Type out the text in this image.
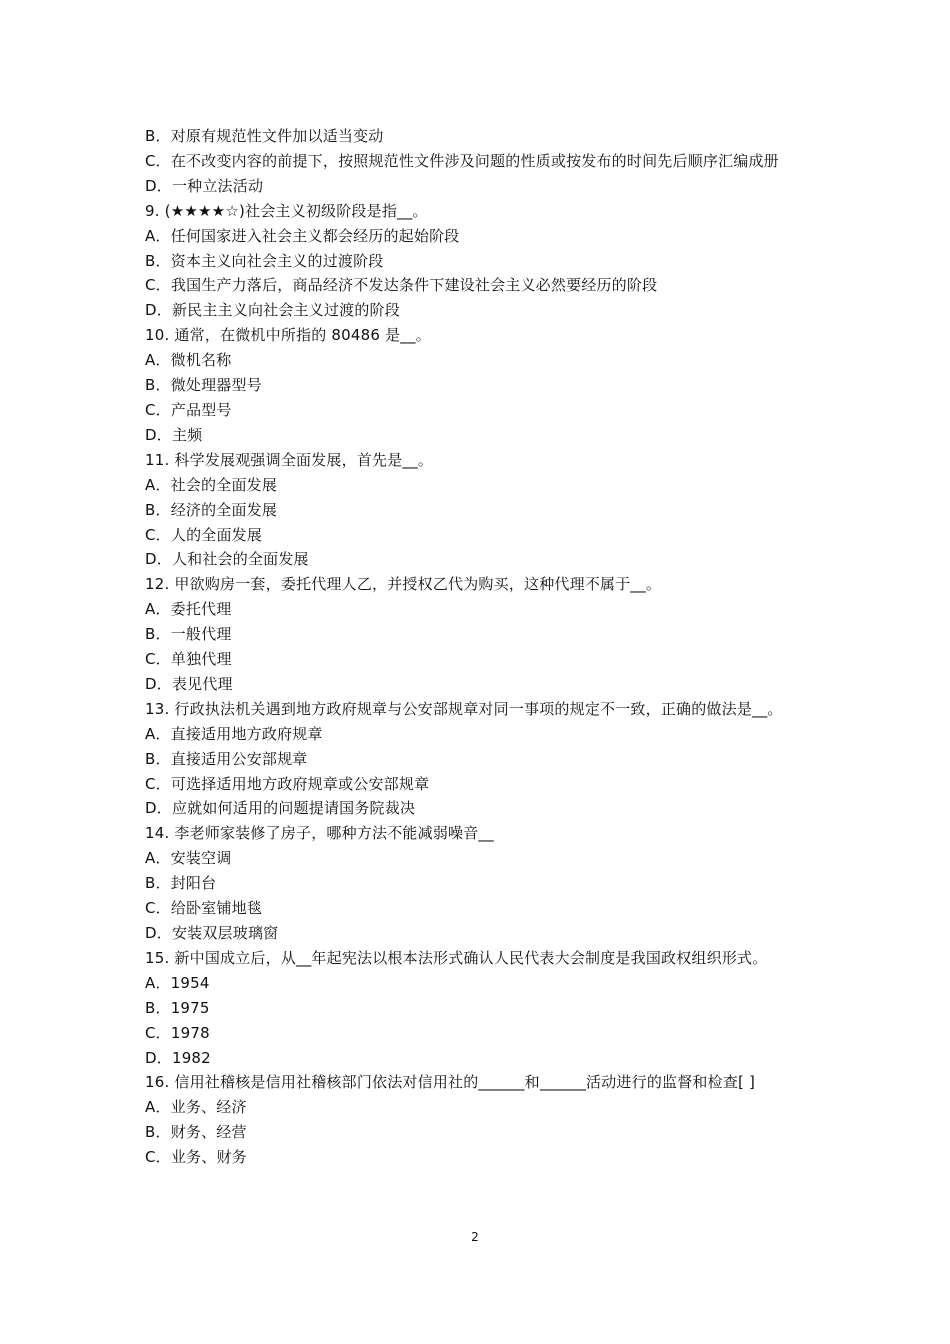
B．对原有规范性文件加以适当变动
C．在不改变内容的前提下，按照规范性文件涉及问题的性质或按发布的时间先后顺序汇编成册
D．一种立法活动
9. (★★★★☆)社会主义初级阶段是指__。
A．任何国家进入社会主义都会经历的起始阶段
B．资本主义向社会主义的过渡阶段
C．我国生产力落后，商品经济不发达条件下建设社会主义必然要经历的阶段
D．新民主主义向社会主义过渡的阶段
10. 通常，在微机中所指的 80486 是__。
A．微机名称
B．微处理器型号
C．产品型号
D．主频
11. 科学发展观强调全面发展，首先是__。
A．社会的全面发展
B．经济的全面发展
C．人的全面发展
D．人和社会的全面发展
12. 甲欲购房一套，委托代理人乙，并授权乙代为购买，这种代理不属于__。
A．委托代理
B．一般代理
C．单独代理
D．表见代理
13. 行政执法机关遇到地方政府规章与公安部规章对同一事项的规定不一致，正确的做法是__。
A．直接适用地方政府规章
B．直接适用公安部规章
C．可选择适用地方政府规章或公安部规章
D．应就如何适用的问题提请国务院裁决
14. 李老师家装修了房子，哪种方法不能减弱噪音__
A．安装空调
B．封阳台
C．给卧室铺地毯
D．安装双层玻璃窗
15. 新中国成立后，从__年起宪法以根本法形式确认人民代表大会制度是我国政权组织形式。
A．1954
B．1975
C．1978
D．1982
16. 信用社稽核是信用社稽核部门依法对信用社的______和______活动进行的监督和检查[ ]
A．业务、经济
B．财务、经营
C．业务、财务
2
